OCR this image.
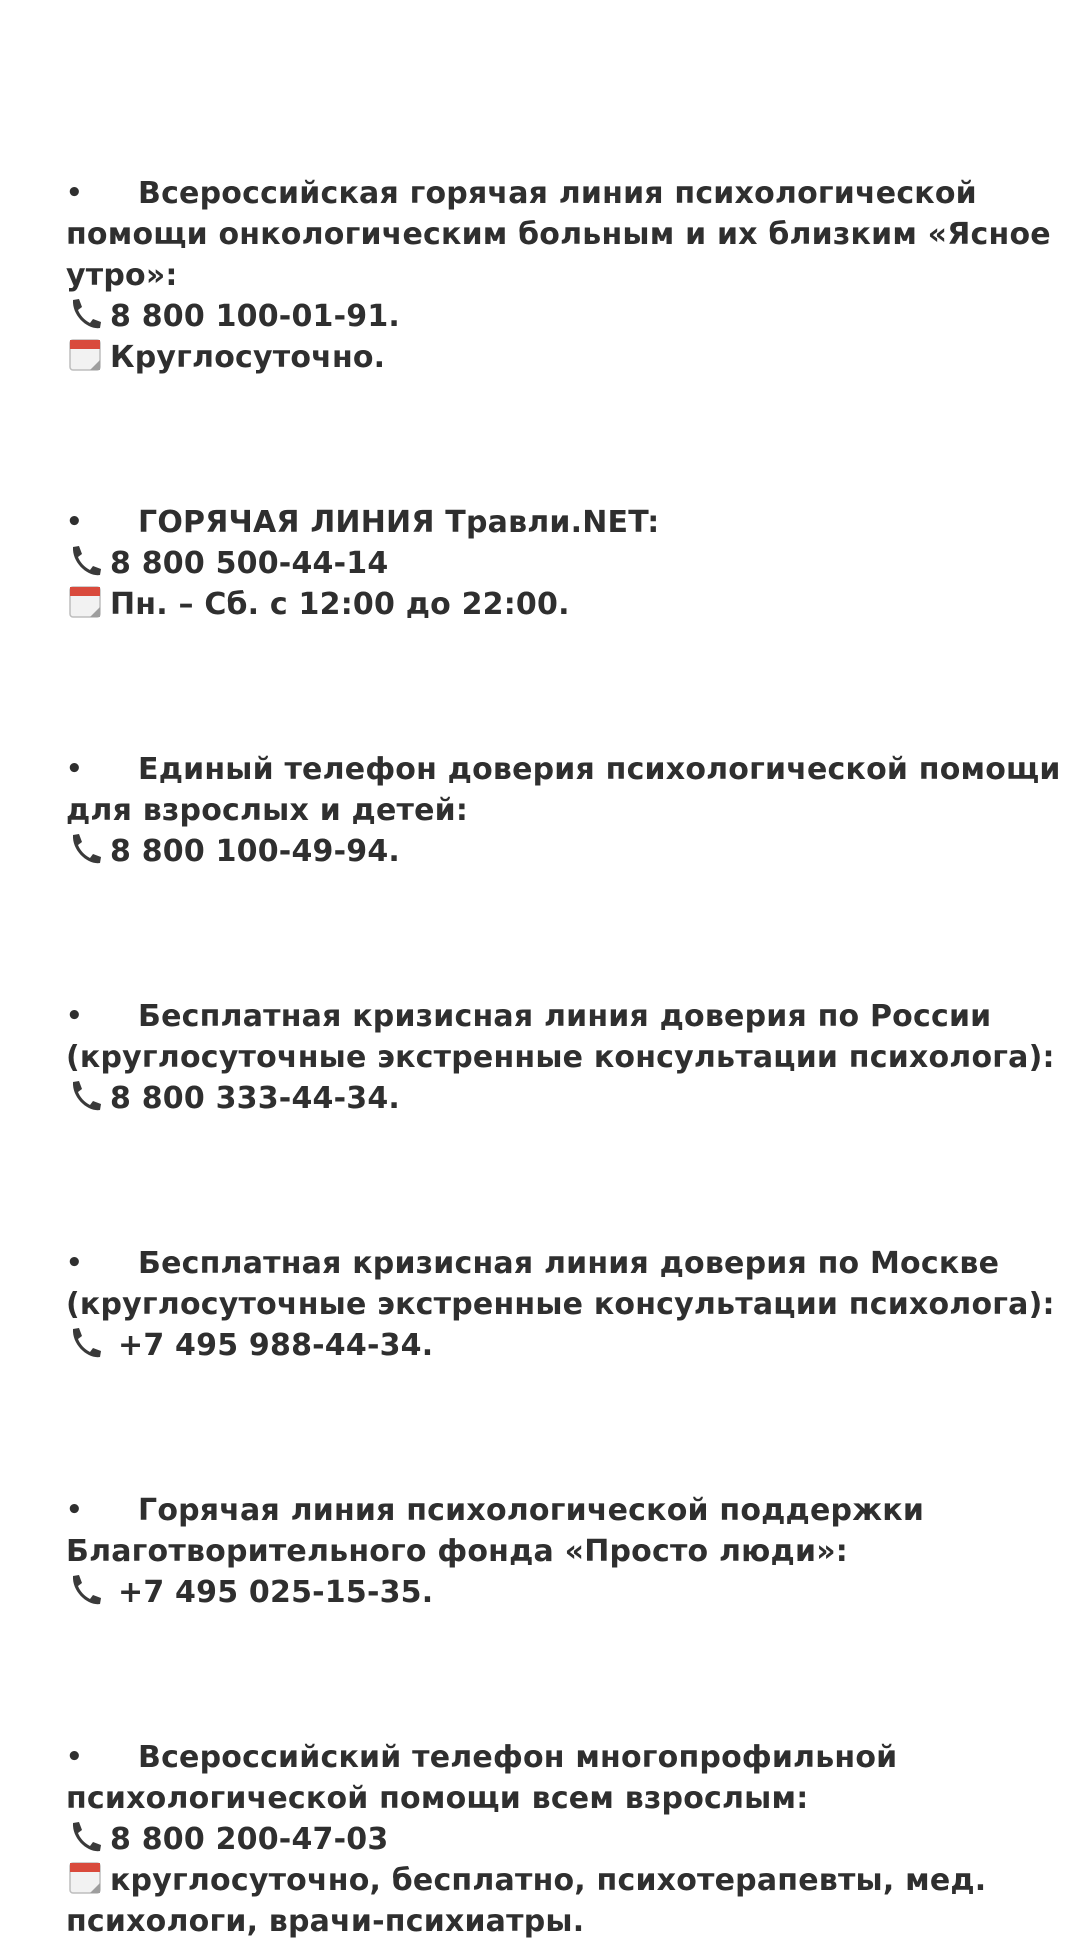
• Всероссийская горячая линия психологической
помощи онкологическим больным и их близким «Ясное
утро»:
8 800 100-01-91.
Круглосуточно.
• ГОРЯЧАЯ ЛИНИЯ Травли.NET:
8 800 500-44-14
Пн. – Сб. с 12:00 до 22:00.
• Единый телефон доверия психологической помощи
для взрослых и детей:
8 800 100-49-94.
• Бесплатная кризисная линия доверия по России
(круглосуточные экстренные консультации психолога):
8 800 333-44-34.
• Бесплатная кризисная линия доверия по Москве
(круглосуточные экстренные консультации психолога):
+7 495 988-44-34.
• Горячая линия психологической поддержки
Благотворительного фонда «Просто люди»:
+7 495 025-15-35.
• Всероссийский телефон многопрофильной
психологической помощи всем взрослым:
8 800 200-47-03
круглосуточно, бесплатно, психотерапевты, мед.
психологи, врачи-психиатры.
